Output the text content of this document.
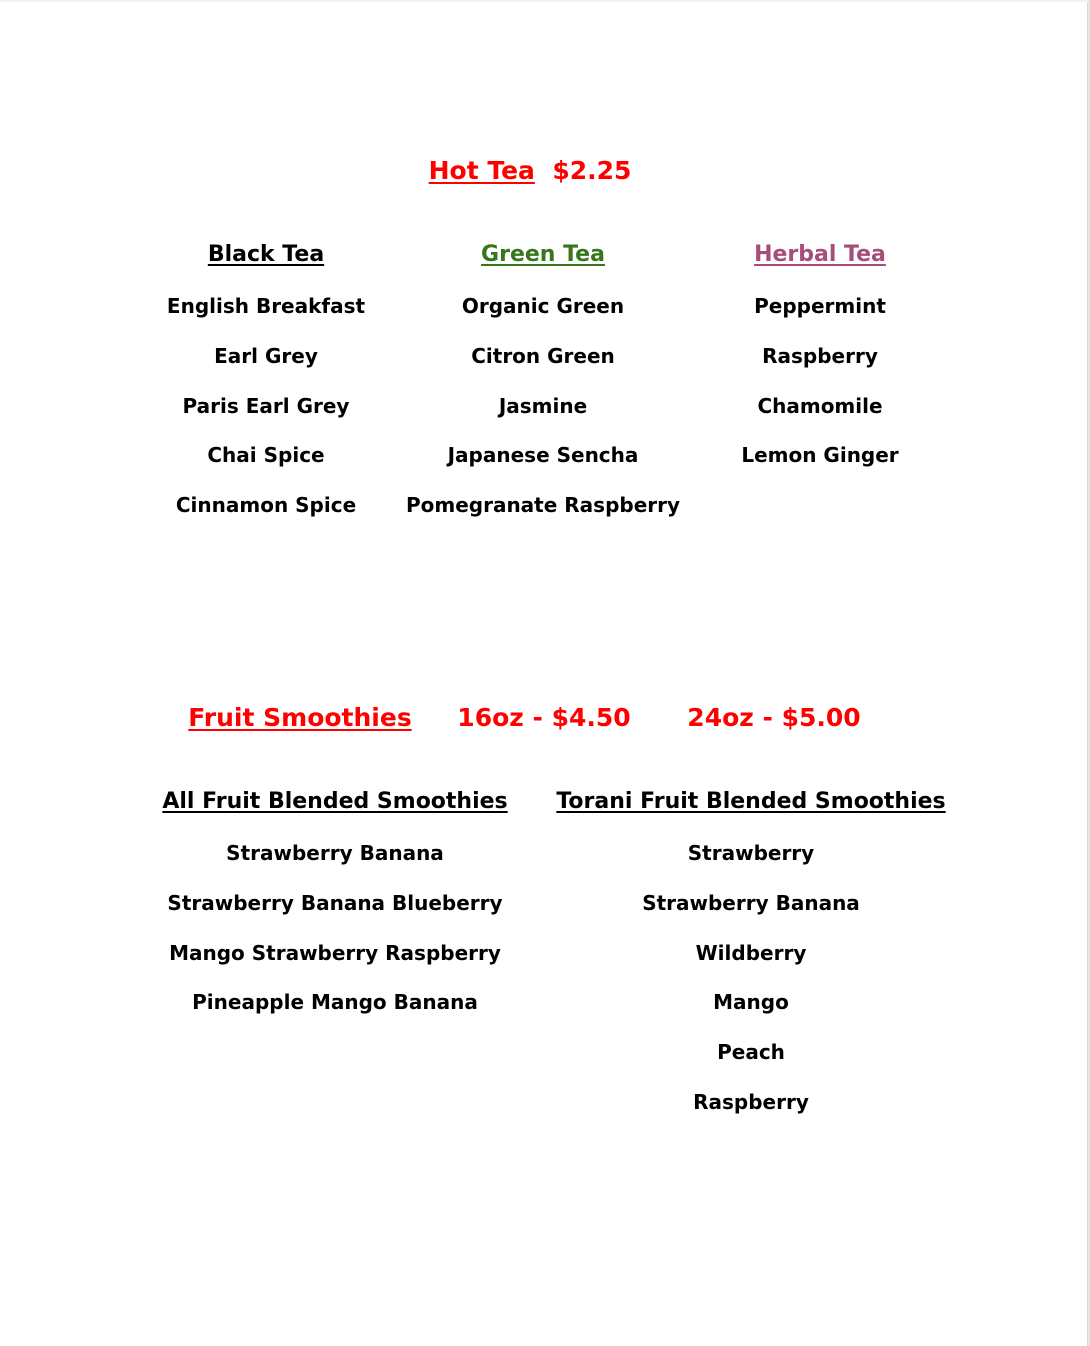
Hot Tea $2.25
Black Tea
English Breakfast
Earl Grey
Paris Earl Grey
Chai Spice
Cinnamon Spice
Green Tea
Organic Green
Citron Green
Jasmine
Japanese Sencha
Pomegranate Raspberry
Herbal Tea
Peppermint
Raspberry
Chamomile
Lemon Ginger
Fruit Smoothies 16oz - $4.50 24oz - $5.00
All Fruit Blended Smoothies
Strawberry Banana
Strawberry Banana Blueberry
Mango Strawberry Raspberry
Pineapple Mango Banana
Torani Fruit Blended Smoothies
Strawberry
Strawberry Banana
Wildberry
Mango
Peach
Raspberry
